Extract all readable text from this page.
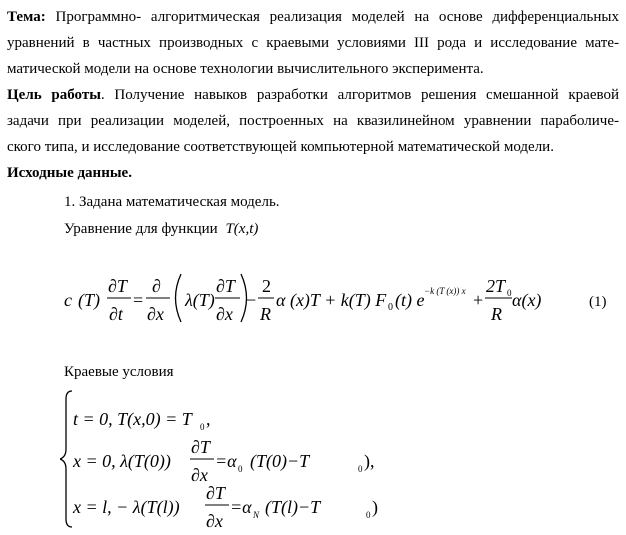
Тема: Программно- алгоритмическая реализация моделей на основе дифференциальных
уравнений в частных производных с краевыми условиями III рода и исследование мате-
матической модели на основе технологии вычислительного эксперимента.
Цель работы. Получение навыков разработки алгоритмов решения смешанной краевой
задачи при реализации моделей, построенных на квазилинейном уравнении параболиче-
ского типа, и исследование соответствующей компьютерной математической модели.
Исходные данные.
1. Задана математическая модель.
Уравнение для функции T(x,t)
c (T)
∂T
∂t
=
∂
∂x
λ(T)
∂T
∂x
−
2
R
α (x)T + k(T) F 0 (t) e −k (T (x)) x +
2T 0
R
α(x)	(1)
Краевые условия
t = 0, T(x,0) = T 0 ,
x = 0, λ(T(0))
∂T
∂x
=α 0 (T(0)−T	0 ),
x = l, − λ(T(l))
∂T
∂x
=α N (T(l)−T	0 )
